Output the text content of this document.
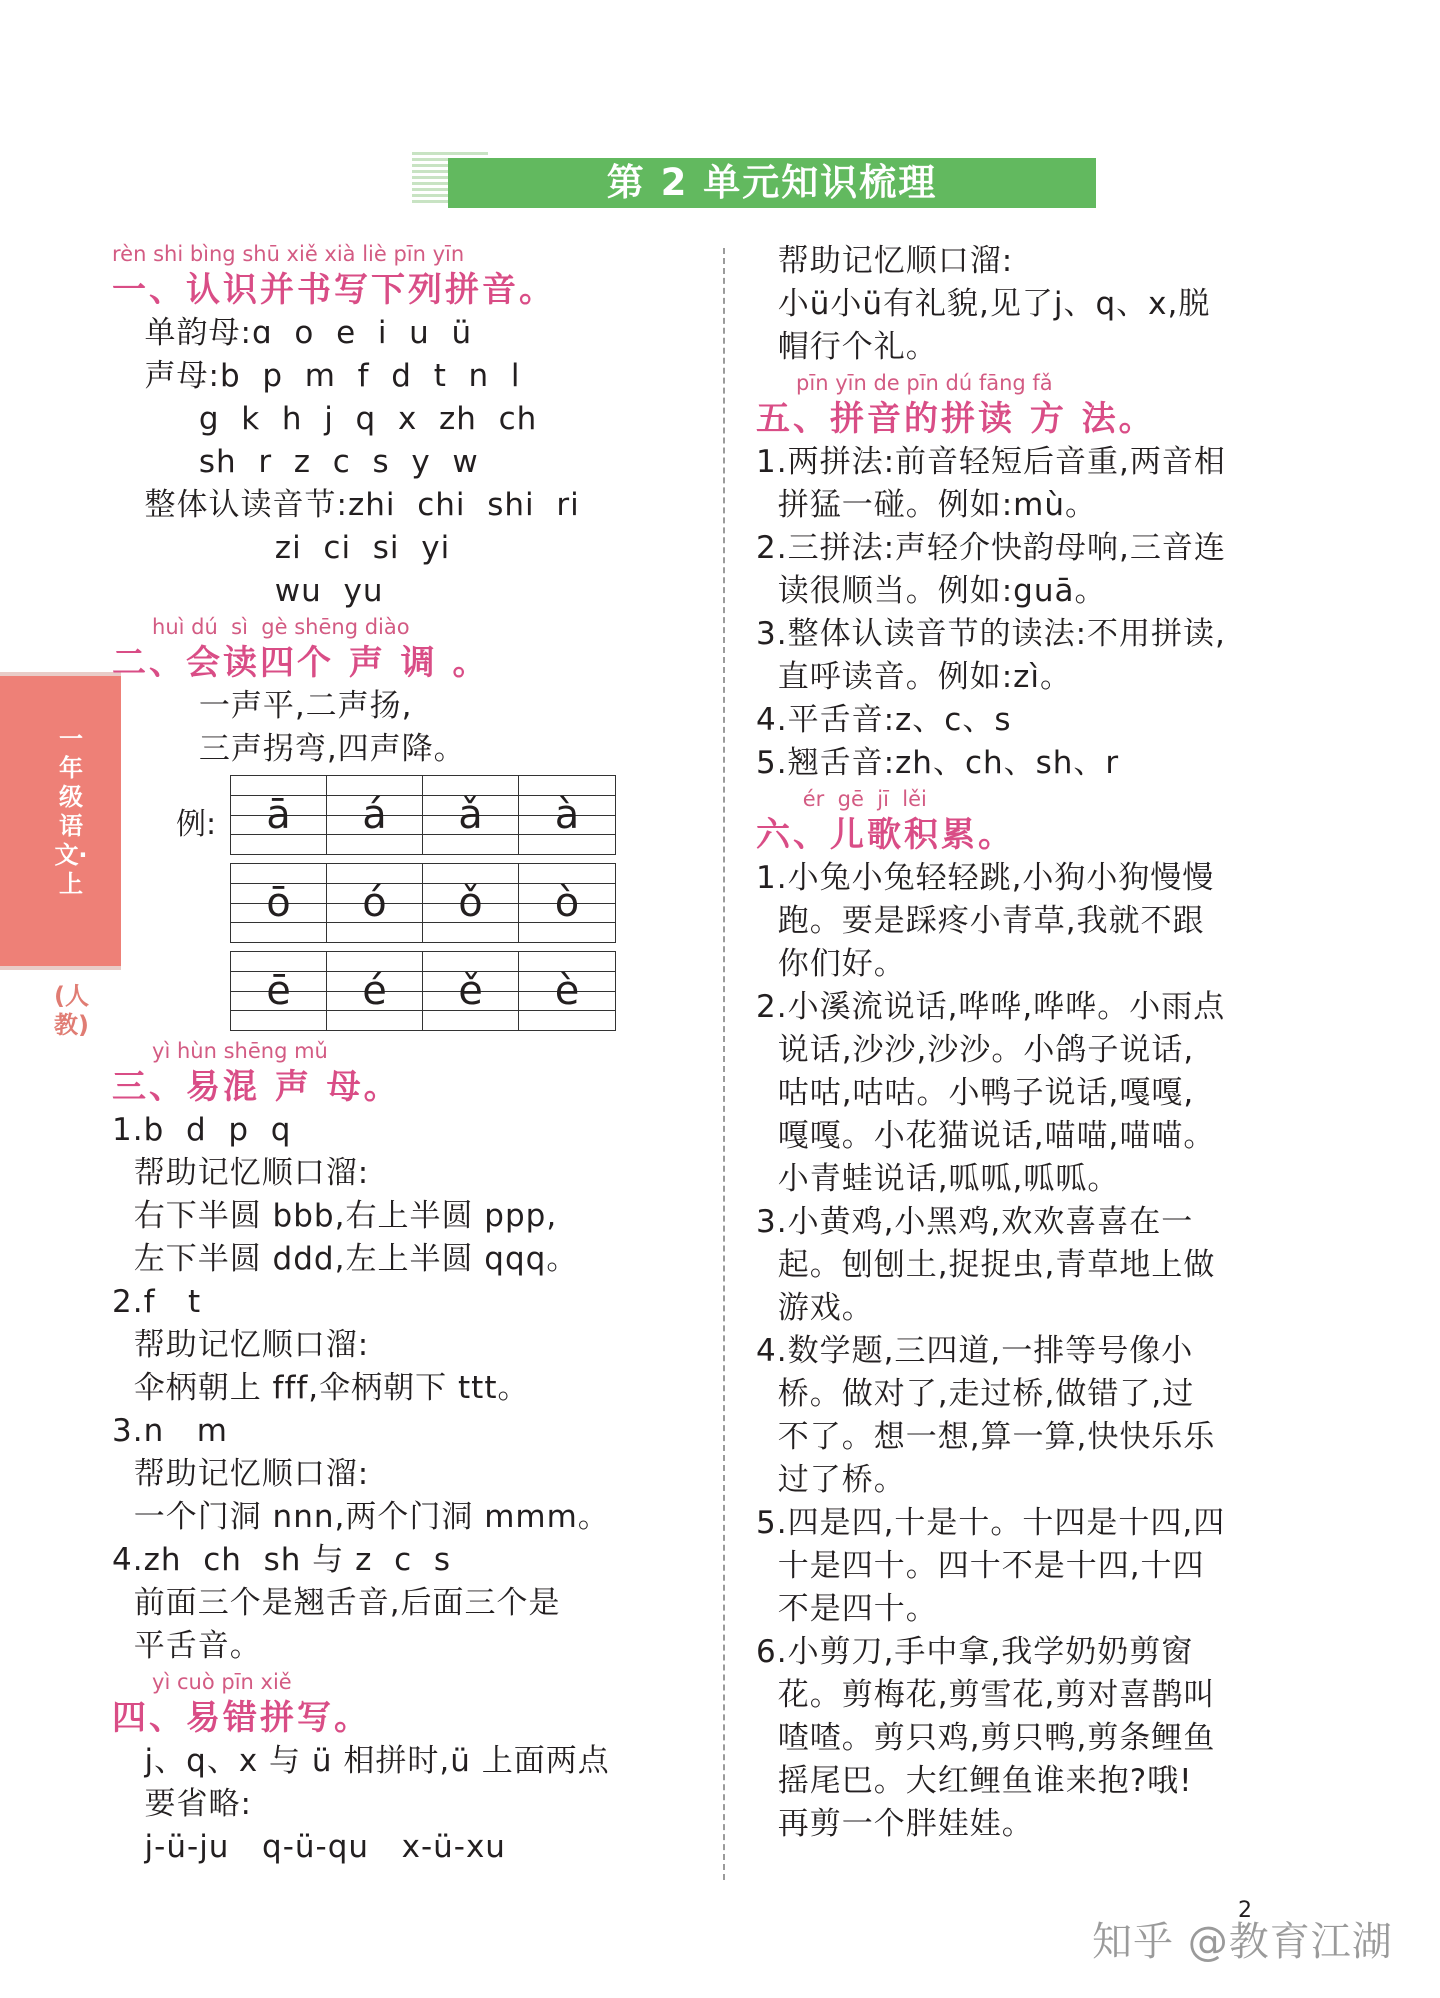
第 2 单元知识梳理
一年级语文·上
(人教)
rèn shi bìng shū xiě xià liè pīn yīn
一、认识并书写下列拼音。
单韵母:ɑ  o  e  i  u  ü
声母:b  p  m  f  d  t  n  l
g  k  h  j  q  x  zh  ch
sh  r  z  c  s  y  w
整体认读音节:zhi  chi  shi  ri
zi  ci  si  yi
wu  yu
huì dú  sì  gè shēng diào
二、会读四个 声 调 。
一声平,二声扬,
三声拐弯,四声降。
例:	ā	á	ǎ	à
ō	ó	ǒ	ò
ē	é	ě	è
yì hùn shēng mǔ
三、易混 声 母。
1.b  d  p  q
帮助记忆顺口溜:
右下半圆 bbb,右上半圆 ppp,
左下半圆 ddd,左上半圆 qqq。
2.f   t
帮助记忆顺口溜:
伞柄朝上 fff,伞柄朝下 ttt。
3.n   m
帮助记忆顺口溜:
一个门洞 nnn,两个门洞 mmm。
4.zh  ch  sh 与 z  c  s
前面三个是翘舌音,后面三个是
平舌音。
yì cuò pīn xiě
四、易错拼写。
j、q、x 与 ü 相拼时,ü 上面两点
要省略:
j-ü-ju   q-ü-qu   x-ü-xu
帮助记忆顺口溜:
小ü小ü有礼貌,见了j、q、x,脱
帽行个礼。
pīn yīn de pīn dú fāng fǎ
五、拼音的拼读 方 法。
1.两拼法:前音轻短后音重,两音相
拼猛一碰。例如:mù。
2.三拼法:声轻介快韵母响,三音连
读很顺当。例如:guā。
3.整体认读音节的读法:不用拼读,
直呼读音。例如:zì。
4.平舌音:z、c、s
5.翘舌音:zh、ch、sh、r
ér  gē  jī  lěi
六、儿歌积累。
1.小兔小兔轻轻跳,小狗小狗慢慢
跑。要是踩疼小青草,我就不跟
你们好。
2.小溪流说话,哗哗,哗哗。小雨点
说话,沙沙,沙沙。小鸽子说话,
咕咕,咕咕。小鸭子说话,嘎嘎,
嘎嘎。小花猫说话,喵喵,喵喵。
小青蛙说话,呱呱,呱呱。
3.小黄鸡,小黑鸡,欢欢喜喜在一
起。刨刨土,捉捉虫,青草地上做
游戏。
4.数学题,三四道,一排等号像小
桥。做对了,走过桥,做错了,过
不了。想一想,算一算,快快乐乐
过了桥。
5.四是四,十是十。十四是十四,四
十是四十。四十不是十四,十四
不是四十。
6.小剪刀,手中拿,我学奶奶剪窗
花。剪梅花,剪雪花,剪对喜鹊叫
喳喳。剪只鸡,剪只鸭,剪条鲤鱼
摇尾巴。大红鲤鱼谁来抱?哦!
再剪一个胖娃娃。
2
知乎 @教育江湖
